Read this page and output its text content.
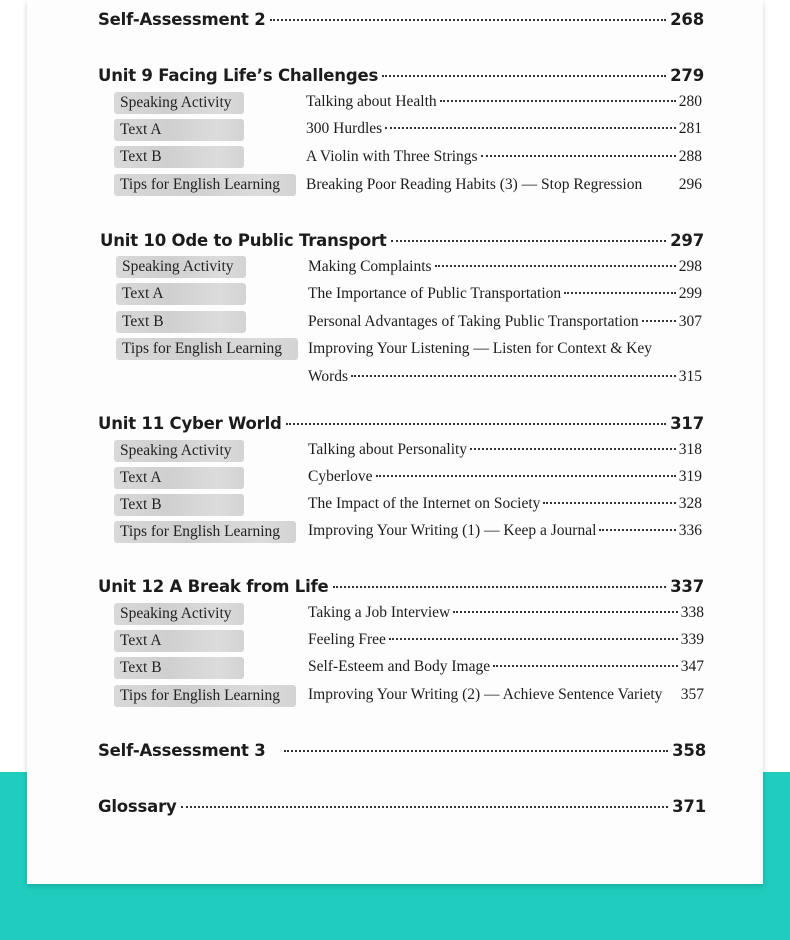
Self-Assessment 2	268
Unit 9 Facing Life’s Challenges	279
Speaking Activity	Talking about Health	280
Text A	300 Hurdles	281
Text B	A Violin with Three Strings	288
Tips for English Learning	Breaking Poor Reading Habits (3) — Stop Regression 296
Unit 10 Ode to Public Transport	297
Speaking Activity	Making Complaints	298
Text A	The Importance of Public Transportation	299
Text B	Personal Advantages of Taking Public Transportation	307
Tips for English Learning	Improving Your Listening — Listen for Context & Key
Words	315
Unit 11 Cyber World	317
Speaking Activity	Talking about Personality	318
Text A	Cyberlove	319
Text B	The Impact of the Internet on Society	328
Tips for English Learning	Improving Your Writing (1) — Keep a Journal	336
Unit 12 A Break from Life	337
Speaking Activity	Taking a Job Interview	338
Text A	Feeling Free	339
Text B	Self-Esteem and Body Image	347
Tips for English Learning	Improving Your Writing (2) — Achieve Sentence Variety 357
Self-Assessment 3	358
Glossary	371
